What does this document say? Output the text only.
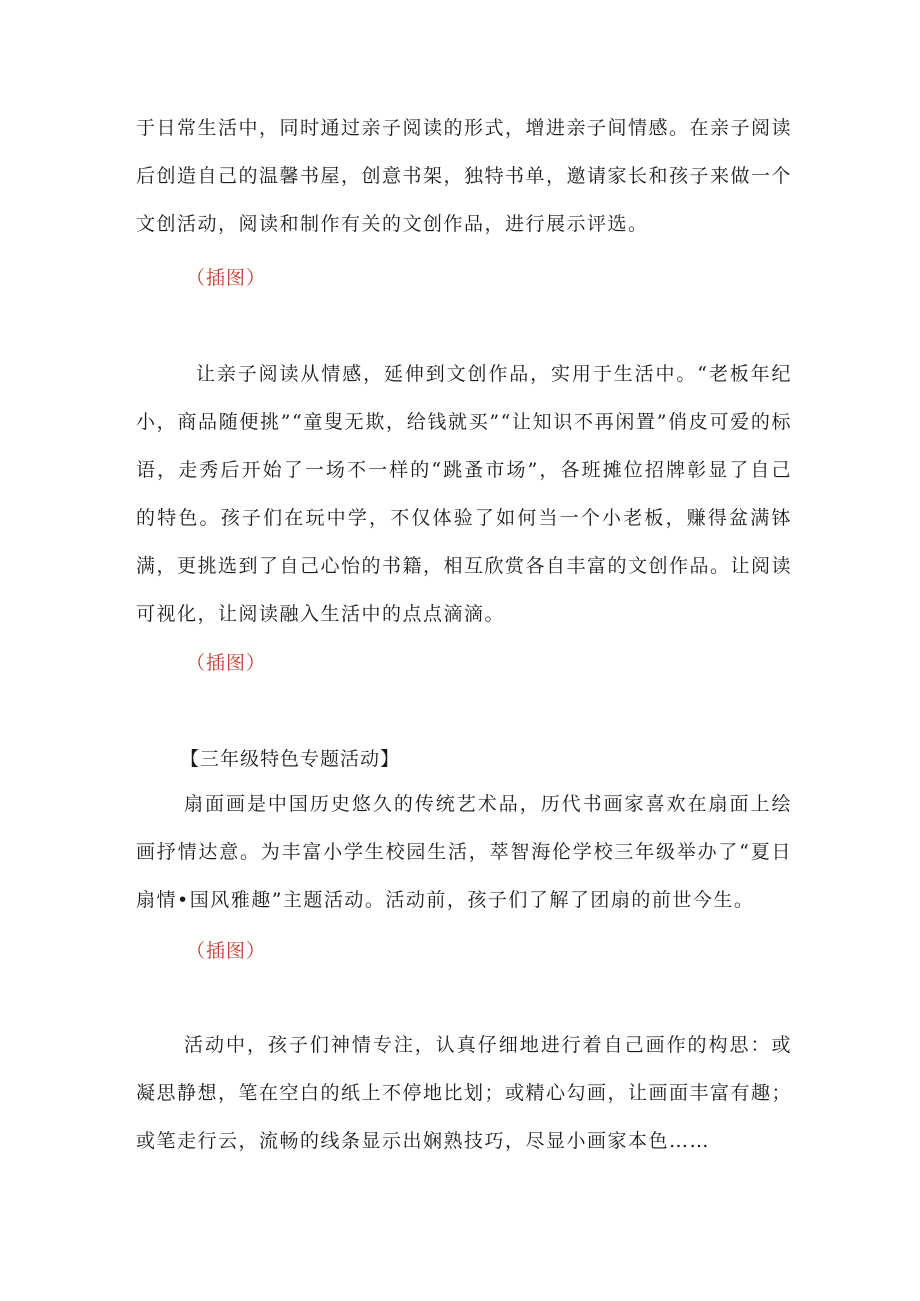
于日常生活中，同时通过亲子阅读的形式，增进亲子间情感。在亲子阅读后创造自己的温馨书屋，创意书架，独特书单，邀请家长和孩子来做一个文创活动，阅读和制作有关的文创作品，进行展示评选。

（插图）

让亲子阅读从情感，延伸到文创作品，实用于生活中。“老板年纪小，商品随便挑”“童叟无欺，给钱就买”“让知识不再闲置”俏皮可爱的标语，走秀后开始了一场不一样的“跳蚤市场”，各班摊位招牌彰显了自己的特色。孩子们在玩中学，不仅体验了如何当一个小老板，赚得盆满钵满，更挑选到了自己心怡的书籍，相互欣赏各自丰富的文创作品。让阅读可视化，让阅读融入生活中的点点滴滴。

（插图）

【三年级特色专题活动】

扇面画是中国历史悠久的传统艺术品，历代书画家喜欢在扇面上绘画抒情达意。为丰富小学生校园生活，萃智海伦学校三年级举办了“夏日扇情•国风雅趣”主题活动。活动前，孩子们了解了团扇的前世今生。

（插图）

活动中，孩子们神情专注，认真仔细地进行着自己画作的构思：或凝思静想，笔在空白的纸上不停地比划；或精心勾画，让画面丰富有趣；或笔走行云，流畅的线条显示出娴熟技巧，尽显小画家本色……
